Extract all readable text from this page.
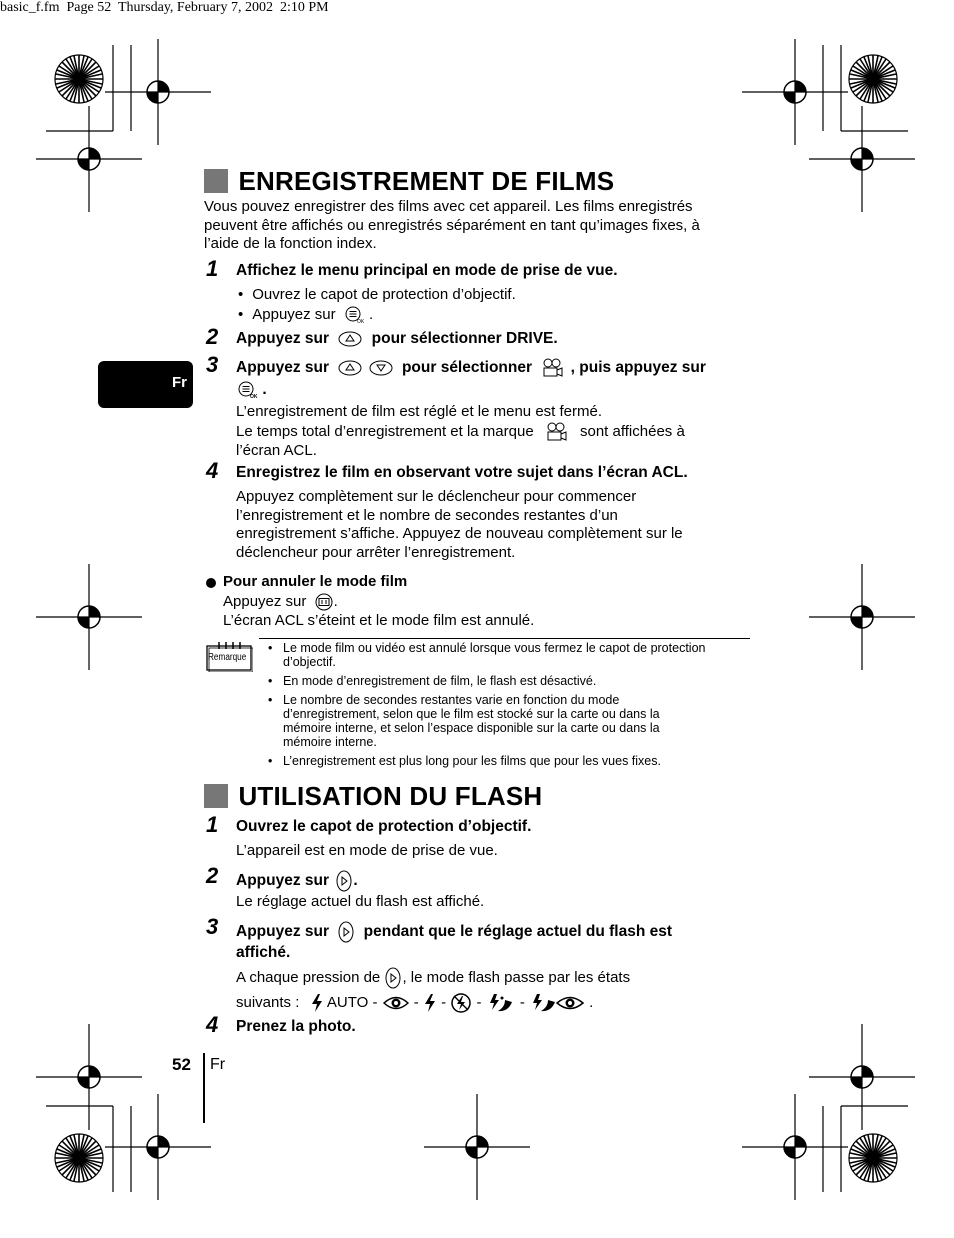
basic_f.fm  Page 52  Thursday, February 7, 2002  2:10 PM
Fr
ENREGISTREMENT DE FILMS
Vous pouvez enregistrer des films avec cet appareil. Les films enregistrés
peuvent être affichés ou enregistrés séparément en tant qu’images fixes, à
l’aide de la fonction index.
1 Affichez le menu principal en mode de prise de vue.
• Ouvrez le capot de protection d’objectif.
• Appuyez sur	OK .
2 Appuyez sur	pour sélectionner DRIVE.
3 Appuyez sur	pour sélectionner , puis appuyez sur
OK .
L’enregistrement de film est réglé et le menu est fermé.
Le temps total d’enregistrement et la marque	sont affichées à
l’écran ACL.
4 Enregistrez le film en observant votre sujet dans l’écran ACL.
Appuyez complètement sur le déclencheur pour commencer
l’enregistrement et le nombre de secondes restantes d’un
enregistrement s’affiche. Appuyez de nouveau complètement sur le
déclencheur pour arrêter l’enregistrement.
Pour annuler le mode film
Appuyez sur .
L’écran ACL s’éteint et le mode film est annulé.
Remarque
• Le mode film ou vidéo est annulé lorsque vous fermez le capot de protection
d’objectif.
• En mode d’enregistrement de film, le flash est désactivé.
• Le nombre de secondes restantes varie en fonction du mode
d’enregistrement, selon que le film est stocké sur la carte ou dans la
mémoire interne, et selon l’espace disponible sur la carte ou dans la
mémoire interne.
• L’enregistrement est plus long pour les films que pour les vues fixes.
UTILISATION DU FLASH
1 Ouvrez le capot de protection d’objectif.
L’appareil est en mode de prise de vue.
2 Appuyez sur .
Le réglage actuel du flash est affiché.
3 Appuyez sur pendant que le réglage actuel du flash est
affiché.
A chaque pression de , le mode flash passe par les états
suivants : AUTO - - - -	-	.
4 Prenez la photo.
52 Fr
